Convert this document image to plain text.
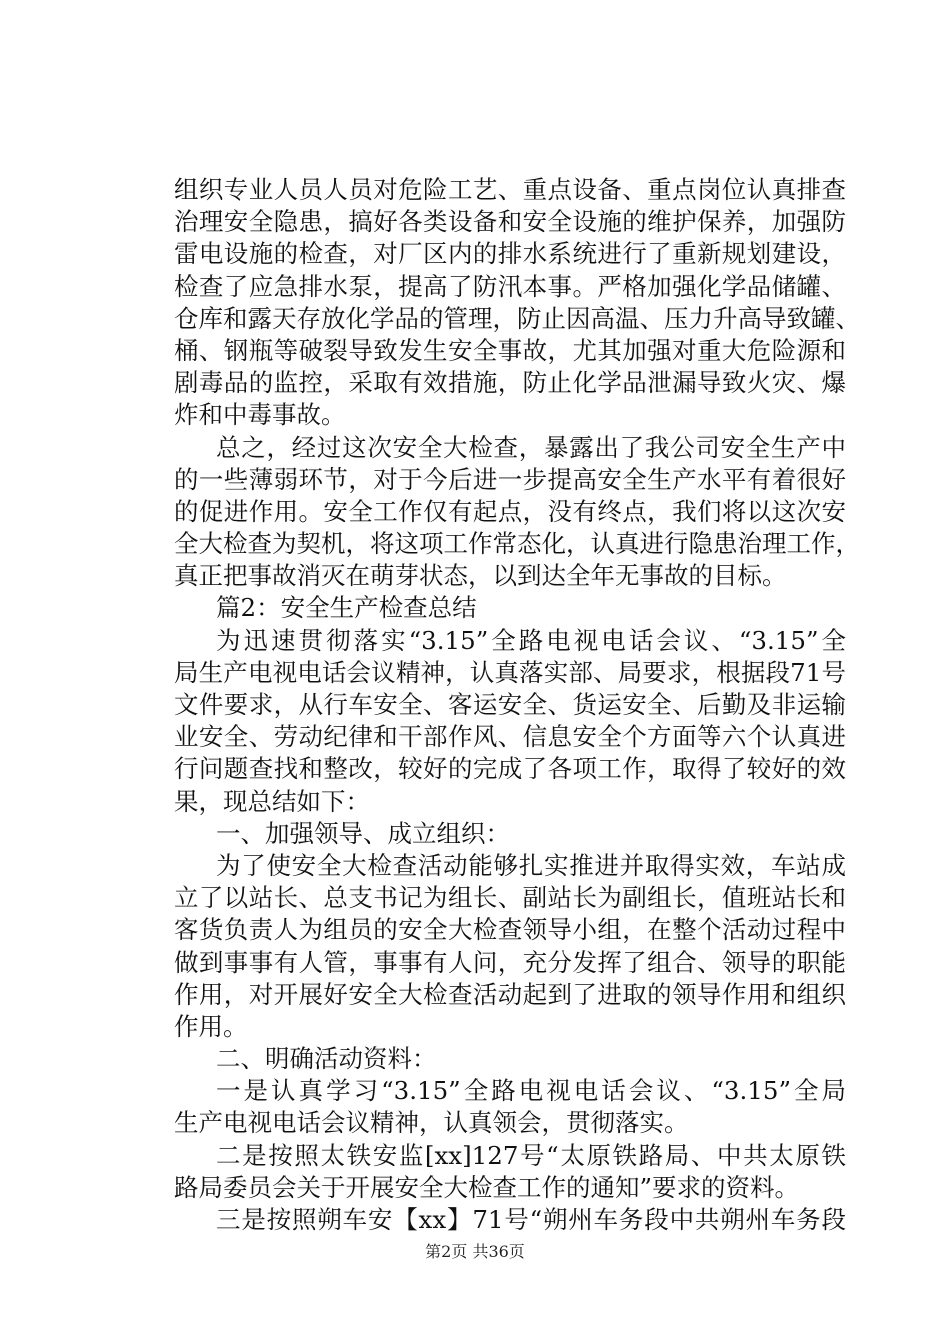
组织专业人员人员对危险工艺、重点设备、重点岗位认真排查
治理安全隐患，搞好各类设备和安全设施的维护保养，加强防
雷电设施的检查，对厂区内的排水系统进行了重新规划建设，
检查了应急排水泵，提高了防汛本事。严格加强化学品储罐、
仓库和露天存放化学品的管理，防止因高温、压力升高导致罐、
桶、钢瓶等破裂导致发生安全事故，尤其加强对重大危险源和
剧毒品的监控，采取有效措施，防止化学品泄漏导致火灾、爆
炸和中毒事故。
总之，经过这次安全大检查，暴露出了我公司安全生产中
的一些薄弱环节，对于今后进一步提高安全生产水平有着很好
的促进作用。安全工作仅有起点，没有终点，我们将以这次安
全大检查为契机，将这项工作常态化，认真进行隐患治理工作，
真正把事故消灭在萌芽状态，以到达全年无事故的目标。
篇2：安全生产检查总结
为迅速贯彻落实“3.15”全路电视电话会议、“3.15”全
局生产电视电话会议精神，认真落实部、局要求，根据段71号
文件要求，从行车安全、客运安全、货运安全、后勤及非运输
业安全、劳动纪律和干部作风、信息安全个方面等六个认真进
行问题查找和整改，较好的完成了各项工作，取得了较好的效
果，现总结如下：
一、加强领导、成立组织：
为了使安全大检查活动能够扎实推进并取得实效，车站成
立了以站长、总支书记为组长、副站长为副组长，值班站长和
客货负责人为组员的安全大检查领导小组，在整个活动过程中
做到事事有人管，事事有人问，充分发挥了组合、领导的职能
作用，对开展好安全大检查活动起到了进取的领导作用和组织
作用。
二、明确活动资料：
一是认真学习“3.15”全路电视电话会议、“3.15”全局
生产电视电话会议精神，认真领会，贯彻落实。
二是按照太铁安监[xx]127号“太原铁路局、中共太原铁
路局委员会关于开展安全大检查工作的通知”要求的资料。
三是按照朔车安【xx】71号“朔州车务段中共朔州车务段
第2页 共36页
